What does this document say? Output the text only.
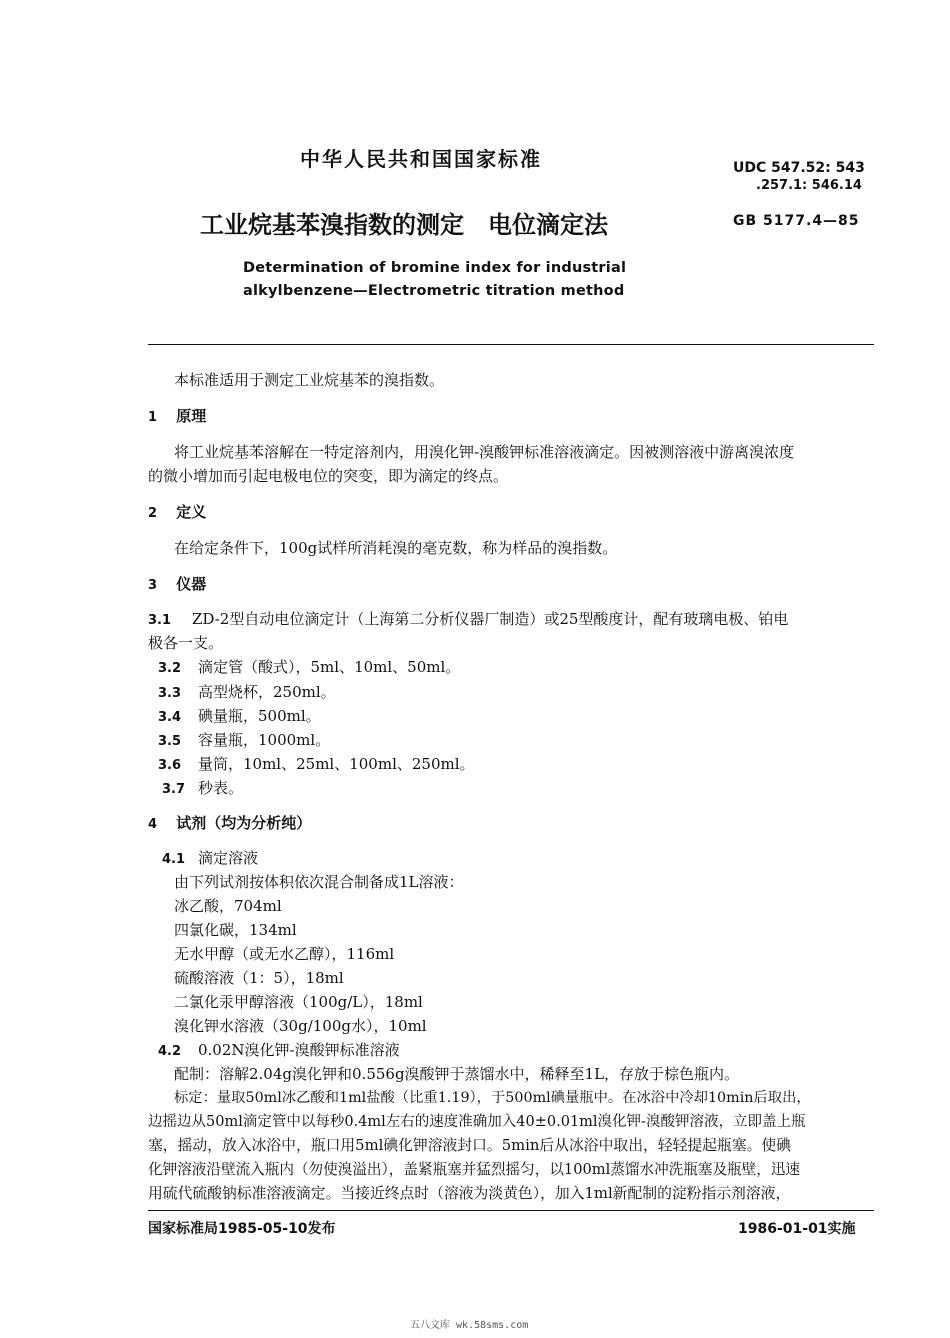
中华人民共和国国家标准	UDC 547.52: 543
.257.1: 546.14
工业烷基苯溴指数的测定　电位滴定法	GB 5177.4—85
Determination of bromine index for industrial
alkylbenzene—Electrometric titration method
本标准适用于测定工业烷基苯的溴指数。
1 原理
将工业烷基苯溶解在一特定溶剂内，用溴化钾-溴酸钾标准溶液滴定。因被测溶液中游离溴浓度
的微小增加而引起电极电位的突变，即为滴定的终点。
2 定义
在给定条件下，100g试样所消耗溴的毫克数，称为样品的溴指数。
3 仪器
3.1 ZD-2型自动电位滴定计（上海第二分析仪器厂制造）或25型酸度计，配有玻璃电极、铂电
极各一支。
3.2 滴定管（酸式），5ml、10ml、50ml。
3.3 高型烧杯，250ml。
3.4 碘量瓶，500ml。
3.5 容量瓶，1000ml。
3.6 量筒，10ml、25ml、100ml、250ml。
3.7 秒表。
4 试剂（均为分析纯）
4.1 滴定溶液
由下列试剂按体积依次混合制备成1L溶液：
冰乙酸，704ml
四氯化碳，134ml
无水甲醇（或无水乙醇），116ml
硫酸溶液（1：5），18ml
二氯化汞甲醇溶液（100g/L），18ml
溴化钾水溶液（30g/100g水），10ml
4.2 0.02N溴化钾-溴酸钾标准溶液
配制：溶解2.04g溴化钾和0.556g溴酸钾于蒸馏水中，稀释至1L，存放于棕色瓶内。
标定：量取50ml冰乙酸和1ml盐酸（比重1.19），于500ml碘量瓶中。在冰浴中冷却10min后取出，
边摇边从50ml滴定管中以每秒0.4ml左右的速度准确加入40±0.01ml溴化钾-溴酸钾溶液，立即盖上瓶
塞，摇动，放入冰浴中，瓶口用5ml碘化钾溶液封口。5min后从冰浴中取出，轻轻提起瓶塞。使碘
化钾溶液沿壁流入瓶内（勿使溴溢出），盖紧瓶塞并猛烈摇匀，以100ml蒸馏水冲洗瓶塞及瓶壁，迅速
用硫代硫酸钠标准溶液滴定。当接近终点时（溶液为淡黄色），加入1ml新配制的淀粉指示剂溶液，
国家标准局1985-05-10发布	1986-01-01实施
五八文库 wk.58sms.com
